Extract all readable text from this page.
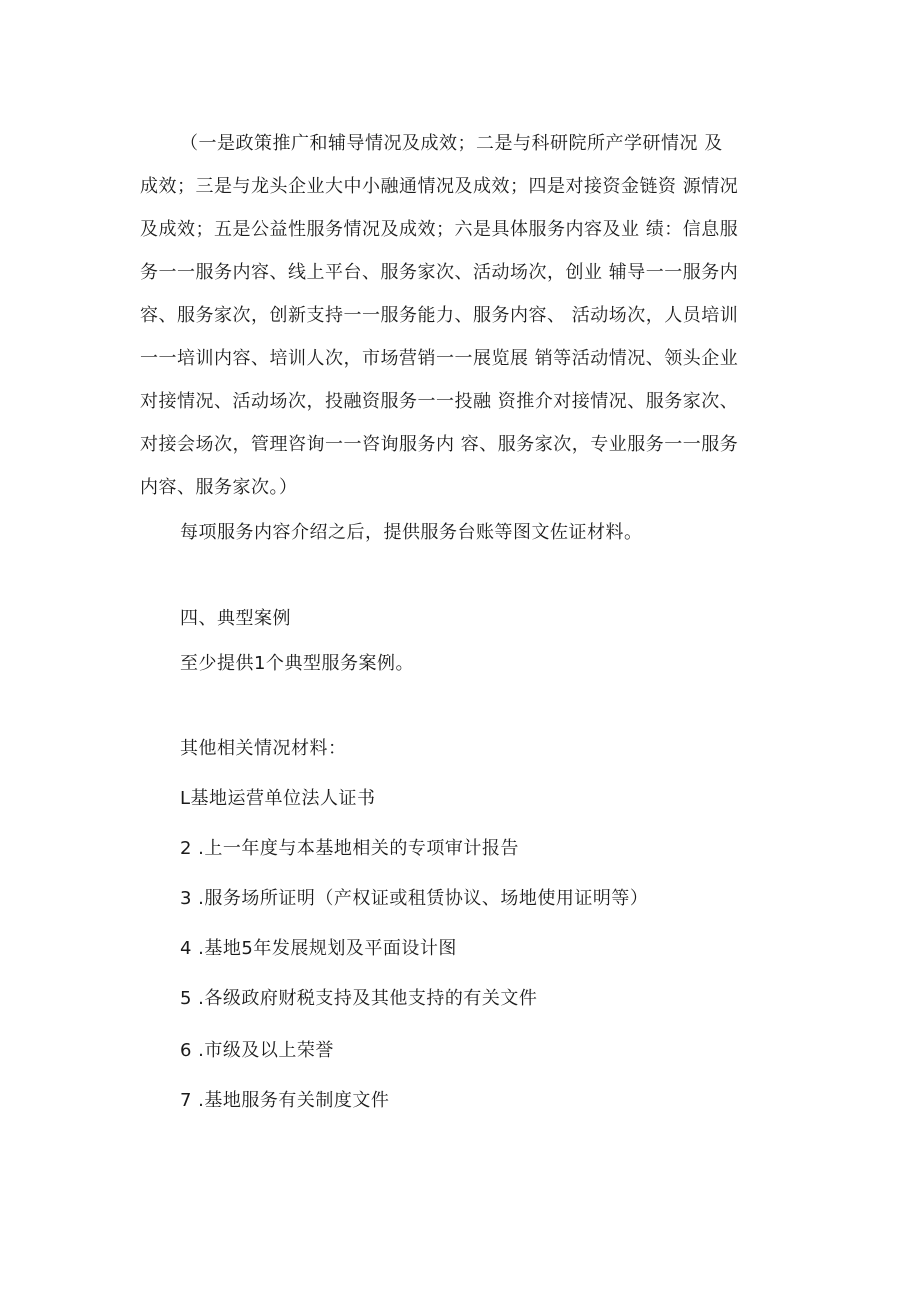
（一是政策推广和辅导情况及成效；二是与科研院所产学研情况 及
成效；三是与龙头企业大中小融通情况及成效；四是对接资金链资 源情况
及成效；五是公益性服务情况及成效；六是具体服务内容及业 绩：信息服
务一一服务内容、线上平台、服务家次、活动场次，创业 辅导一一服务内
容、服务家次，创新支持一一服务能力、服务内容、 活动场次，人员培训
一一培训内容、培训人次，市场营销一一展览展 销等活动情况、领头企业
对接情况、活动场次，投融资服务一一投融 资推介对接情况、服务家次、
对接会场次，管理咨询一一咨询服务内 容、服务家次，专业服务一一服务
内容、服务家次。）
每项服务内容介绍之后，提供服务台账等图文佐证材料。
四、典型案例
至少提供1个典型服务案例。
其他相关情况材料：
L基地运营单位法人证书
2 .上一年度与本基地相关的专项审计报告
3 .服务场所证明（产权证或租赁协议、场地使用证明等）
4 .基地5年发展规划及平面设计图
5 .各级政府财税支持及其他支持的有关文件
6 .市级及以上荣誉
7 .基地服务有关制度文件
